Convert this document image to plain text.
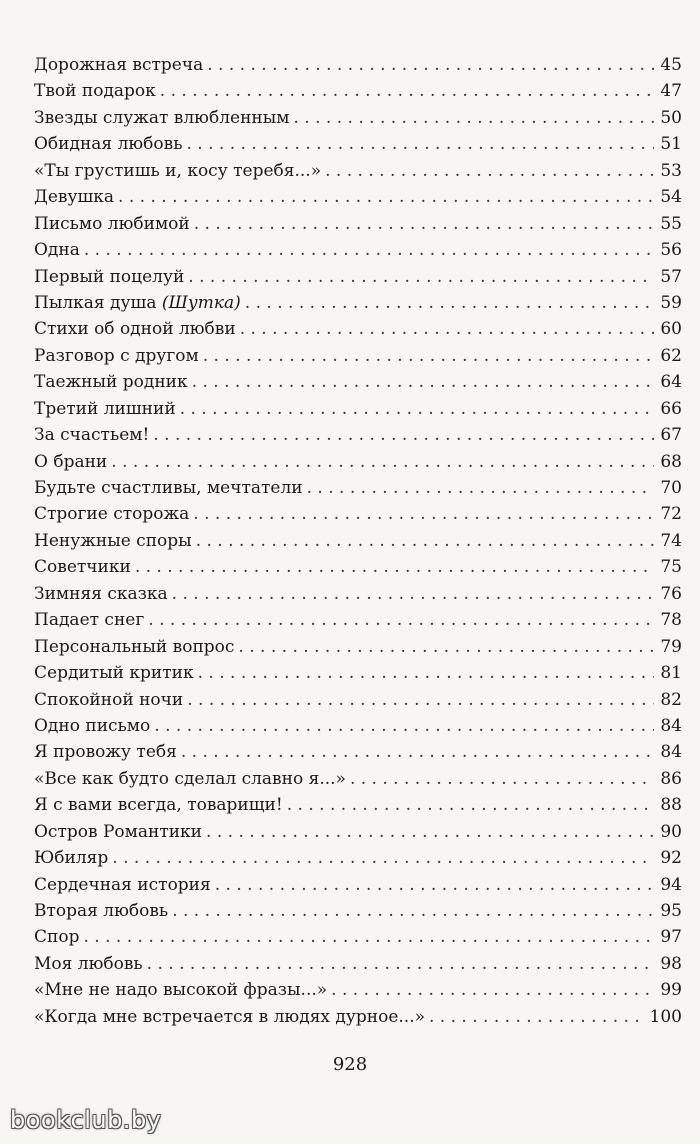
Дорожная встреча . . .	45
Твой подарок . . .	47
Звезды служат влюбленным . . .	50
Обидная любовь . . .	51
«Ты грустишь и, косу теребя...» . . .	53
Девушка . . .	54
Письмо любимой . . .	55
Одна . . .	56
Первый поцелуй . . .	57
Пылкая душа (Шутка) . . .	59
Стихи об одной любви . . .	60
Разговор с другом . . .	62
Таежный родник . . .	64
Третий лишний . . .	66
За счастьем! . . .	67
О брани . . .	68
Будьте счастливы, мечтатели . . .	70
Строгие сторожа . . .	72
Ненужные споры . . .	74
Советчики . . .	75
Зимняя сказка . . .	76
Падает снег . . .	78
Персональный вопрос . . .	79
Сердитый критик . . .	81
Спокойной ночи . . .	82
Одно письмо . . .	84
Я провожу тебя . . .	84
«Все как будто сделал славно я...» . . .	86
Я с вами всегда, товарищи! . . .	88
Остров Романтики . . .	90
Юбиляр . . .	92
Сердечная история . . .	94
Вторая любовь . . .	95
Спор . . .	97
Моя любовь . . .	98
«Мне не надо высокой фразы...» . . .	99
«Когда мне встречается в людях дурное...» . . .	100
928
bookclub.by
